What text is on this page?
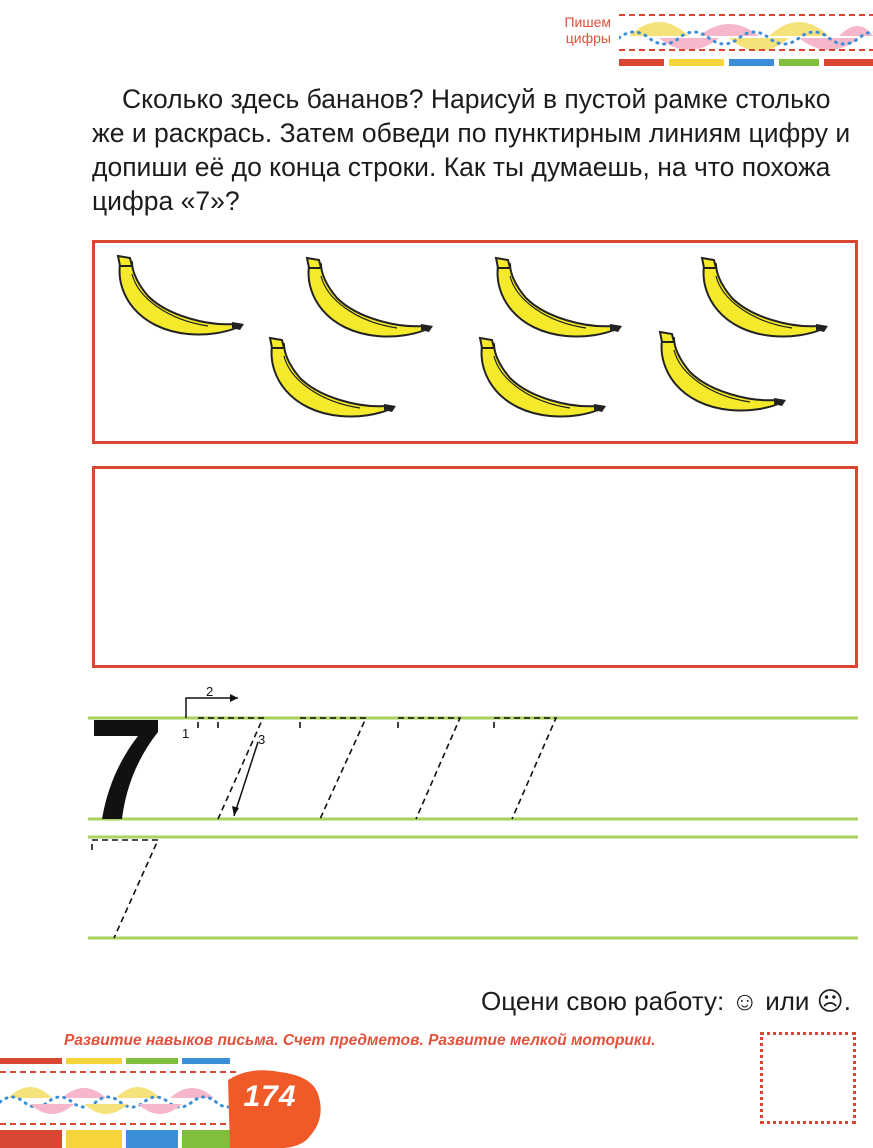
Пишем цифры
Сколько здесь бананов? Нарисуй в пустой рамке столько же и раскрась. Затем обведи по пунктирным линиям цифру и допиши её до конца строки. Как ты думаешь, на что похожа цифра «7»?
1
2
3
Оцени свою работу: ☺ или ☹.
Развитие навыков письма. Счет предметов. Развитие мелкой моторики.
174
